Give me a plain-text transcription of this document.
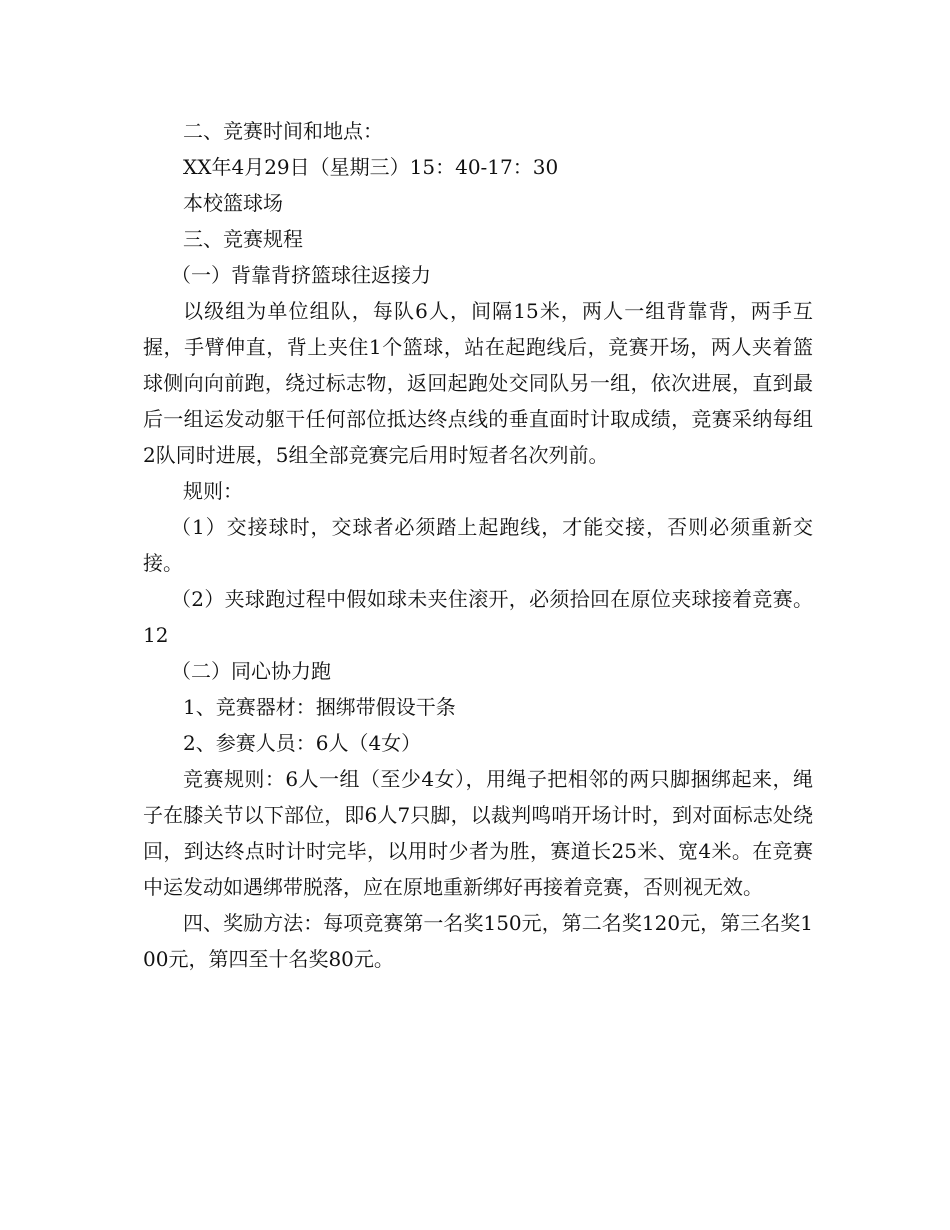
二、竞赛时间和地点：

XX年4月29日（星期三）15：40-17：30

本校篮球场

三、竞赛规程

（一）背靠背挤篮球往返接力

以级组为单位组队，每队6人，间隔15米，两人一组背靠背，两手互握，手臂伸直，背上夹住1个篮球，站在起跑线后，竞赛开场，两人夹着篮球侧向向前跑，绕过标志物，返回起跑处交同队另一组，依次进展，直到最后一组运发动躯干任何部位抵达终点线的垂直面时计取成绩，竞赛采纳每组2队同时进展，5组全部竞赛完后用时短者名次列前。

规则：

（1）交接球时，交球者必须踏上起跑线，才能交接，否则必须重新交接。

（2）夹球跑过程中假如球未夹住滚开，必须拾回在原位夹球接着竞赛。12

（二）同心协力跑

1、竞赛器材：捆绑带假设干条

2、参赛人员：6人（4女）

竞赛规则：6人一组（至少4女），用绳子把相邻的两只脚捆绑起来，绳子在膝关节以下部位，即6人7只脚，以裁判鸣哨开场计时，到对面标志处绕回，到达终点时计时完毕，以用时少者为胜，赛道长25米、宽4米。在竞赛中运发动如遇绑带脱落，应在原地重新绑好再接着竞赛，否则视无效。

四、奖励方法：每项竞赛第一名奖150元，第二名奖120元，第三名奖100元，第四至十名奖80元。
